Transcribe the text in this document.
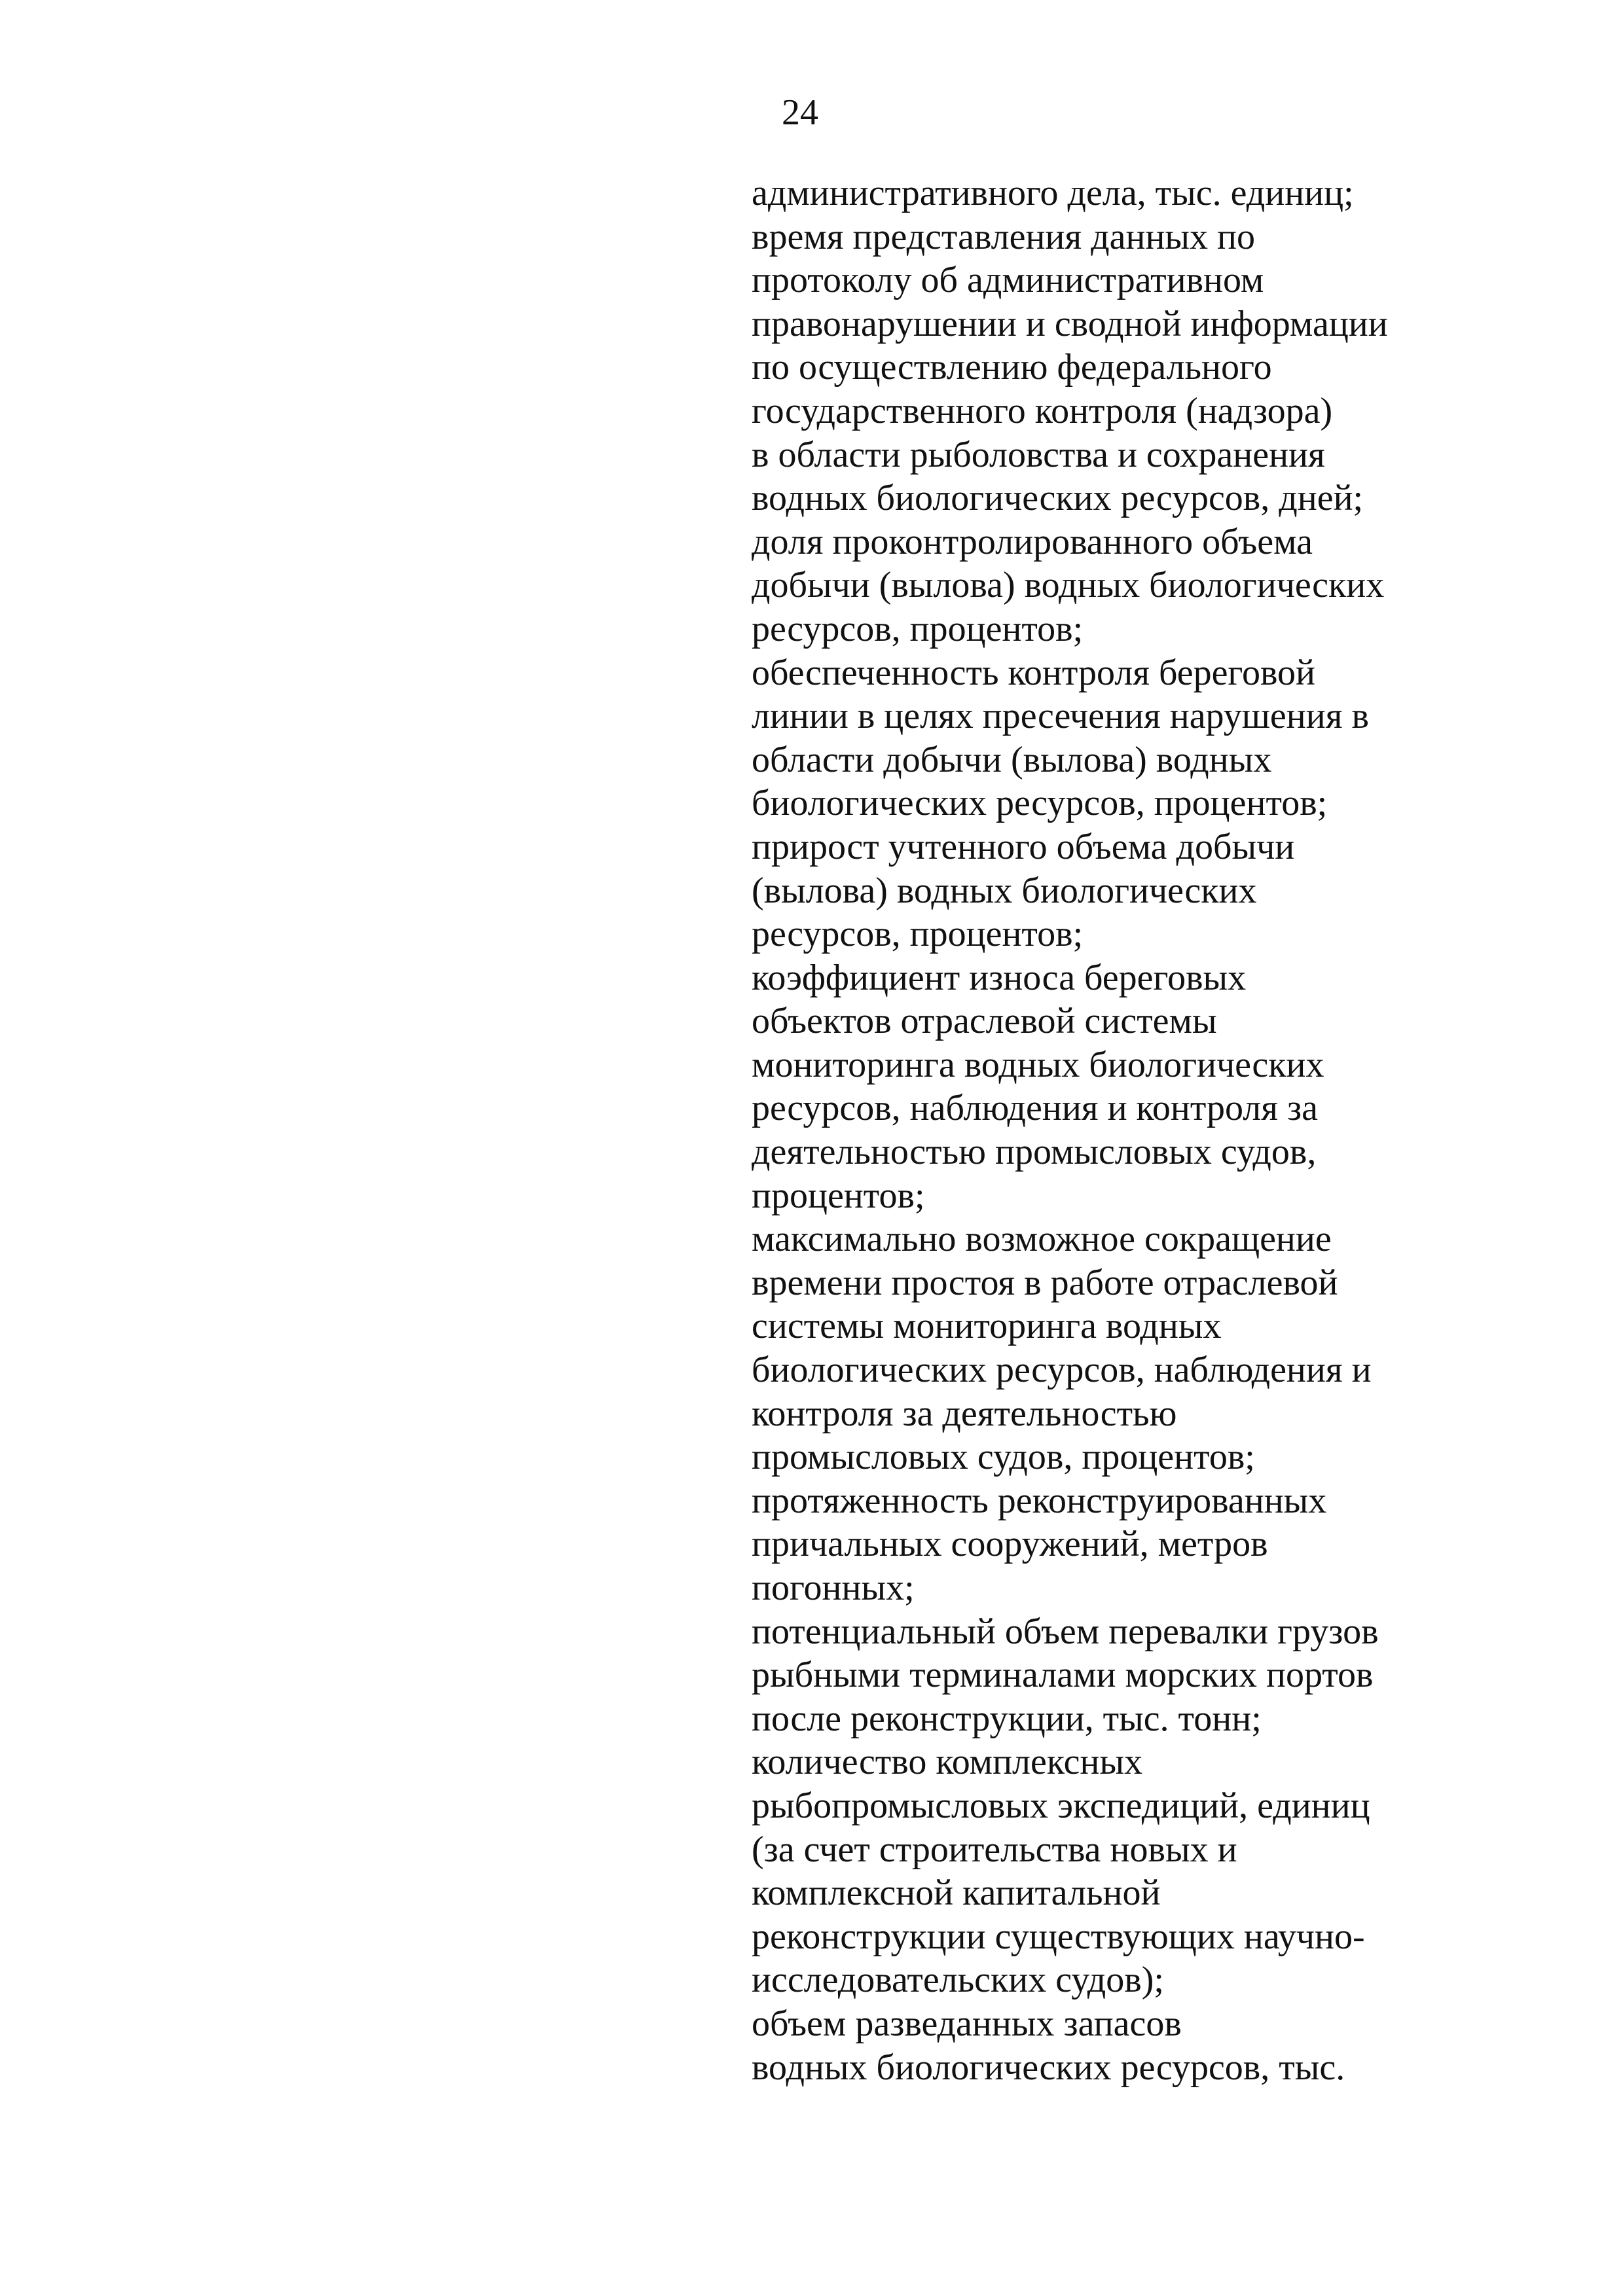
24

административного дела, тыс. единиц;
время представления данных по
протоколу об административном
правонарушении и сводной информации
по осуществлению федерального
государственного контроля (надзора)
в области рыболовства и сохранения
водных биологических ресурсов, дней;
доля проконтролированного объема
добычи (вылова) водных биологических
ресурсов, процентов;
обеспеченность контроля береговой
линии в целях пресечения нарушения в
области добычи (вылова) водных
биологических ресурсов, процентов;
прирост учтенного объема добычи
(вылова) водных биологических
ресурсов, процентов;
коэффициент износа береговых
объектов отраслевой системы
мониторинга водных биологических
ресурсов, наблюдения и контроля за
деятельностью промысловых судов,
процентов;
максимально возможное сокращение
времени простоя в работе отраслевой
системы мониторинга водных
биологических ресурсов, наблюдения и
контроля за деятельностью
промысловых судов, процентов;
протяженность реконструированных
причальных сооружений, метров
погонных;
потенциальный объем перевалки грузов
рыбными терминалами морских портов
после реконструкции, тыс. тонн;
количество комплексных
рыбопромысловых экспедиций, единиц
(за счет строительства новых и
комплексной капитальной
реконструкции существующих научно-
исследовательских судов);
объем разведанных запасов
водных биологических ресурсов, тыс.
